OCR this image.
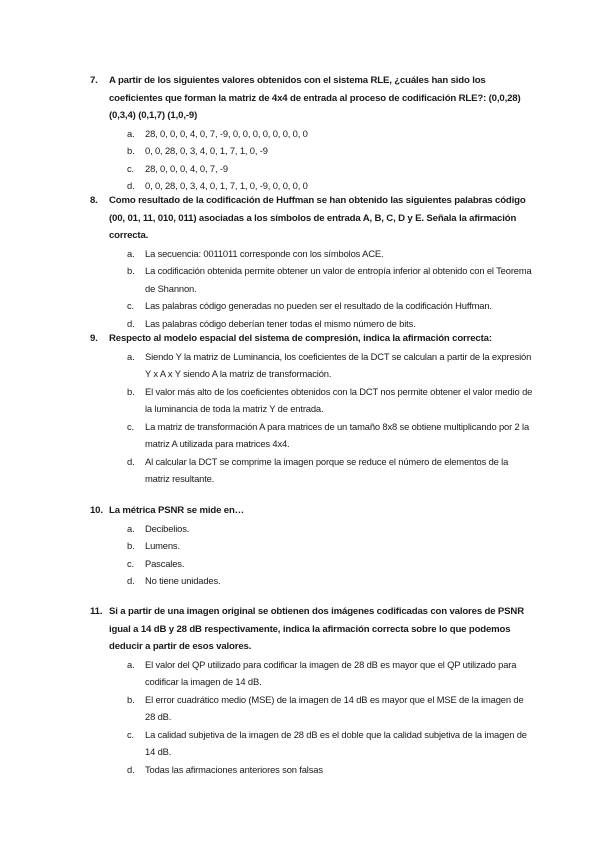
7. A partir de los siguientes valores obtenidos con el sistema RLE, ¿cuáles han sido los coeficientes que forman la matriz de 4x4 de entrada al proceso de codificación RLE?: (0,0,28) (0,3,4) (0,1,7) (1,0,-9)
a. 28, 0, 0, 0, 4, 0, 7, -9, 0, 0, 0, 0, 0, 0, 0, 0
b. 0, 0, 28, 0, 3, 4, 0, 1, 7, 1, 0, -9
c. 28, 0, 0, 0, 4, 0, 7, -9
d. 0, 0, 28, 0, 3, 4, 0, 1, 7, 1, 0, -9, 0, 0, 0, 0
8. Como resultado de la codificación de Huffman se han obtenido las siguientes palabras código (00, 01, 11, 010, 011) asociadas a los símbolos de entrada A, B, C, D y E. Señala la afirmación correcta.
a. La secuencia: 0011011 corresponde con los símbolos ACE.
b. La codificación obtenida permite obtener un valor de entropía inferior al obtenido con el Teorema de Shannon.
c. Las palabras código generadas no pueden ser el resultado de la codificación Huffman.
d. Las palabras código deberían tener todas el mismo número de bits.
9. Respecto al modelo espacial del sistema de compresión, indica la afirmación correcta:
a. Siendo Y la matriz de Luminancia, los coeficientes de la DCT se calculan a partir de la expresión Y x A x Y siendo A la matriz de transformación.
b. El valor más alto de los coeficientes obtenidos con la DCT nos permite obtener el valor medio de la luminancia de toda la matriz Y de entrada.
c. La matriz de transformación A para matrices de un tamaño 8x8 se obtiene multiplicando por 2 la matriz A utilizada para matrices 4x4.
d. Al calcular la DCT se comprime la imagen porque se reduce el número de elementos de la matriz resultante.
10. La métrica PSNR se mide en…
a. Decibelios.
b. Lumens.
c. Pascales.
d. No tiene unidades.
11. Si a partir de una imagen original se obtienen dos imágenes codificadas con valores de PSNR igual a 14 dB y 28 dB respectivamente, indica la afirmación correcta sobre lo que podemos deducir a partir de esos valores.
a. El valor del QP utilizado para codificar la imagen de 28 dB es mayor que el QP utilizado para codificar la imagen de 14 dB.
b. El error cuadrático medio (MSE) de la imagen de 14 dB es mayor que el MSE de la imagen de 28 dB.
c. La calidad subjetiva de la imagen de 28 dB es el doble que la calidad subjetiva de la imagen de 14 dB.
d. Todas las afirmaciones anteriores son falsas
